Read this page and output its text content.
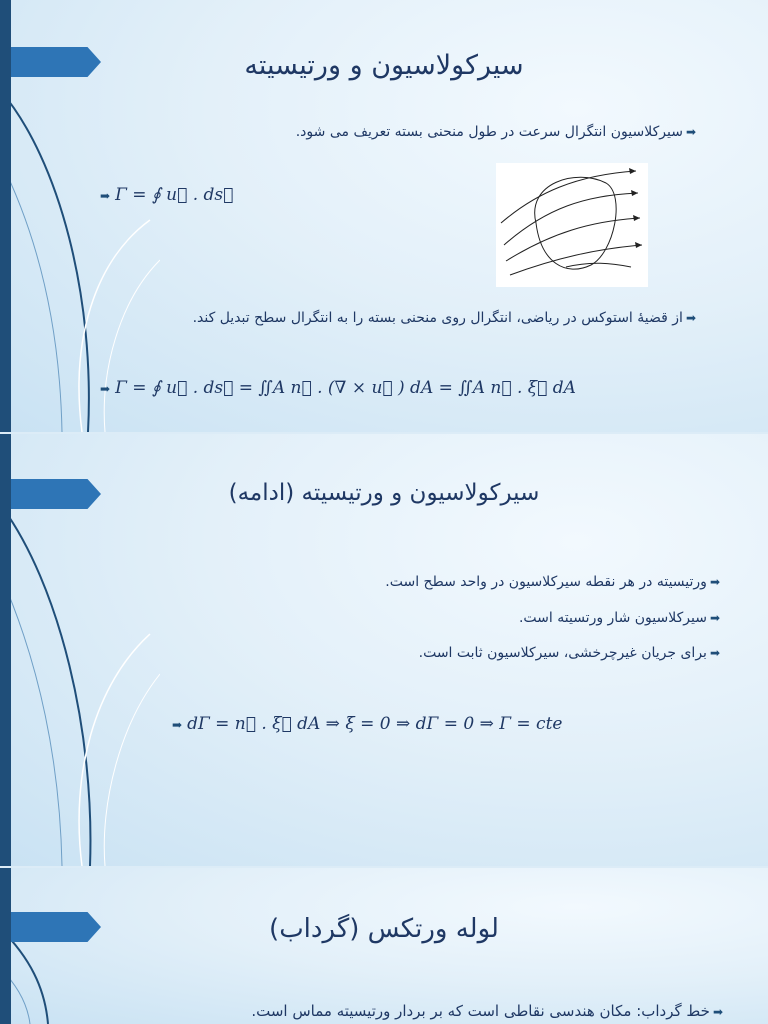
سیرکولاسیون و ورتیسیته
➡سیرکلاسیون انتگرال سرعت در طول منحنی بسته تعریف می شود.
➡ Γ = ∮ u⃗ . ds⃗
➡از قضیۀ استوکس در ریاضی، انتگرال روی منحنی بسته را به انتگرال سطح تبدیل کند.
➡ Γ = ∮ u⃗ . ds⃗ = ∬A n⃗ . (∇ × u⃗ ) dA = ∬A n⃗ . ξ⃗ dA
سیرکولاسیون و ورتیسیته (ادامه)
➡ورتیسیته در هر نقطه سیرکلاسیون در واحد سطح است.
➡سیرکلاسیون شار ورتسیته است.
➡برای جریان غیرچرخشی، سیرکلاسیون ثابت است.
➡ dΓ = n⃗ . ξ⃗ dA ⇒ ξ = 0 ⇒ dΓ = 0 ⇒ Γ = cte
لوله ورتکس (گرداب)
➡خط گرداب: مکان هندسی نقاطی است که بر بردار ورتیسیته مماس است.
